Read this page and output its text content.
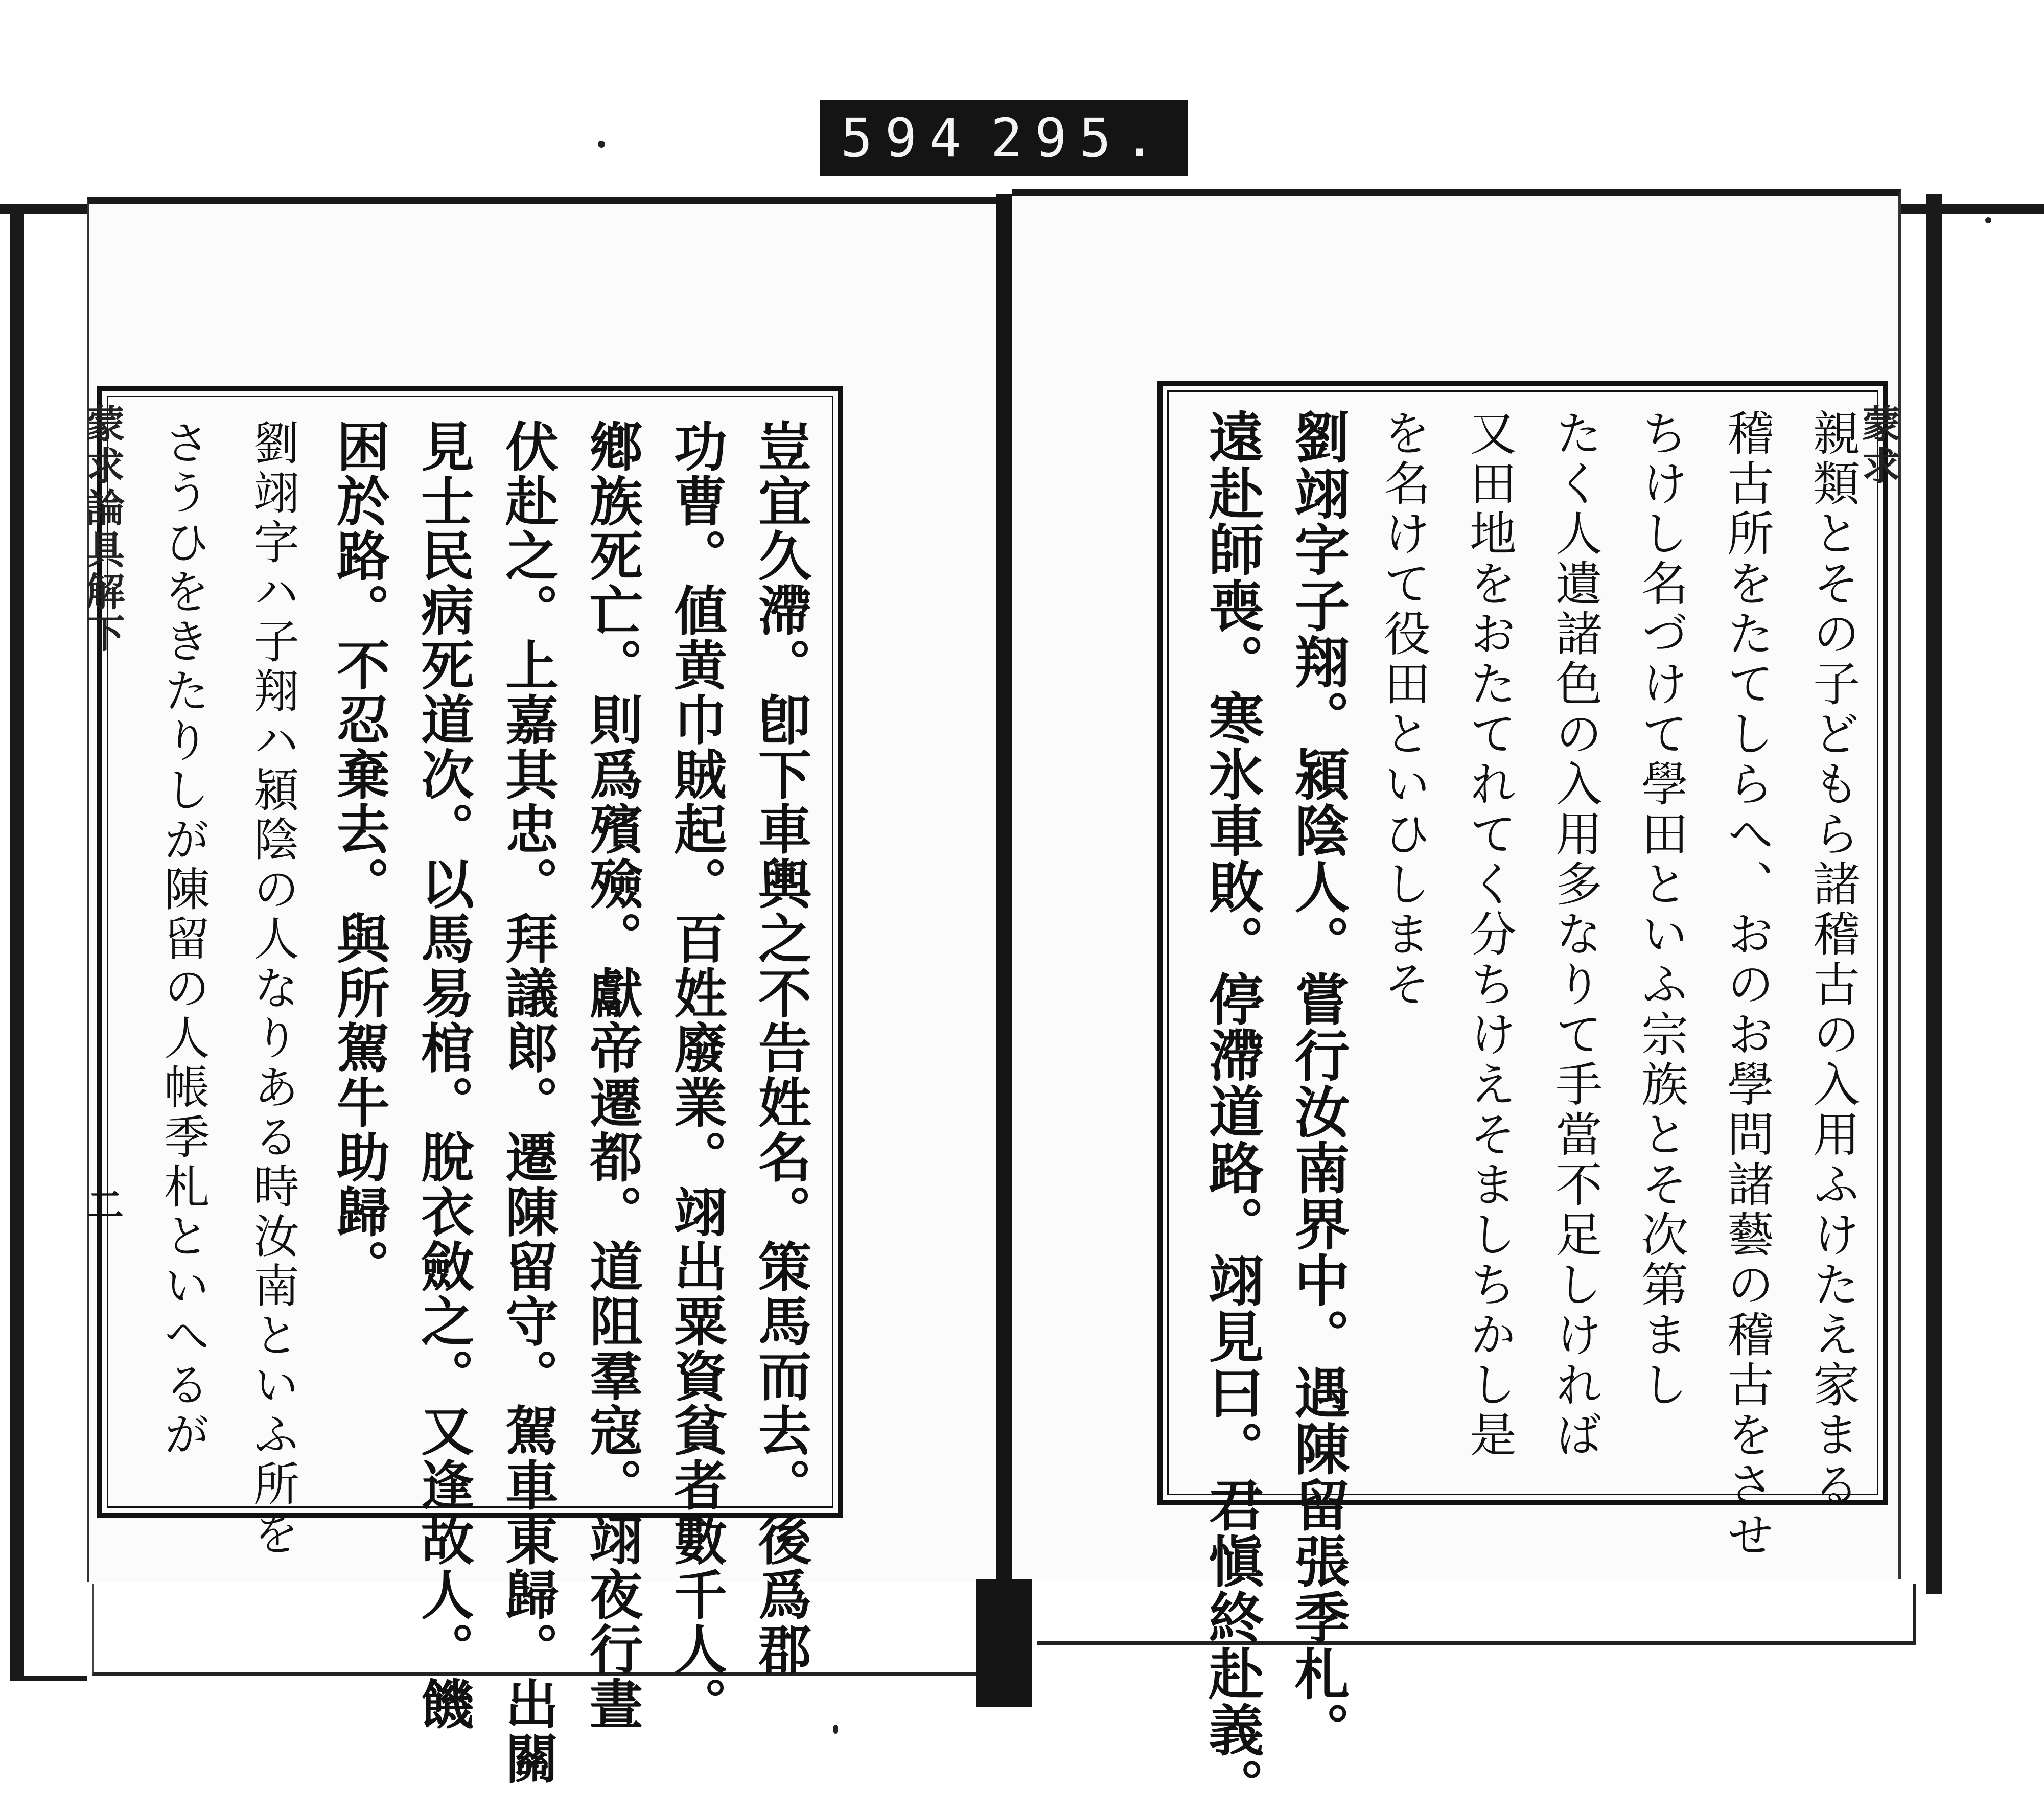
594 295.
蒙求論具解下
二
蒙求
豈宜久滯。卽下車輿之不告姓名。策馬而去。後爲郡
功曹。値黄巾賊起。百姓廢業。翊出粟資貧者數千人。
鄕族死亡。則爲殯殮。獻帝遷都。道阻羣寇。翊夜行晝
伏赴之。上嘉其忠。拜議郞。遷陳留守。駕車東歸。出關
見士民病死道次。以馬易棺。脫衣斂之。又逢故人。饑
困於路。不忍棄去。與所駕牛助歸。
劉翊字ハ子翔ハ潁陰の人なりある時汝南といふ所を
さうひをきたりしが陳留の人帳季札といへるが	親類とその子どもら諸稽古の入用ふけたえ家まる
稽古所をたてしらへ、おのお學問諸藝の稽古をさせ
ちけし名づけて學田といふ宗族とそ次第まし
たく人遺諸色の入用多なりて手當不足しければ
又田地をおたてれてく分ちけえそましちかし是
を名けて役田といひしまそ
劉翊字子翔。潁陰人。嘗行汝南界中。遇陳留張季札。
遠赴師喪。寒氷車敗。停滯道路。翊見曰。君愼終赴義。
